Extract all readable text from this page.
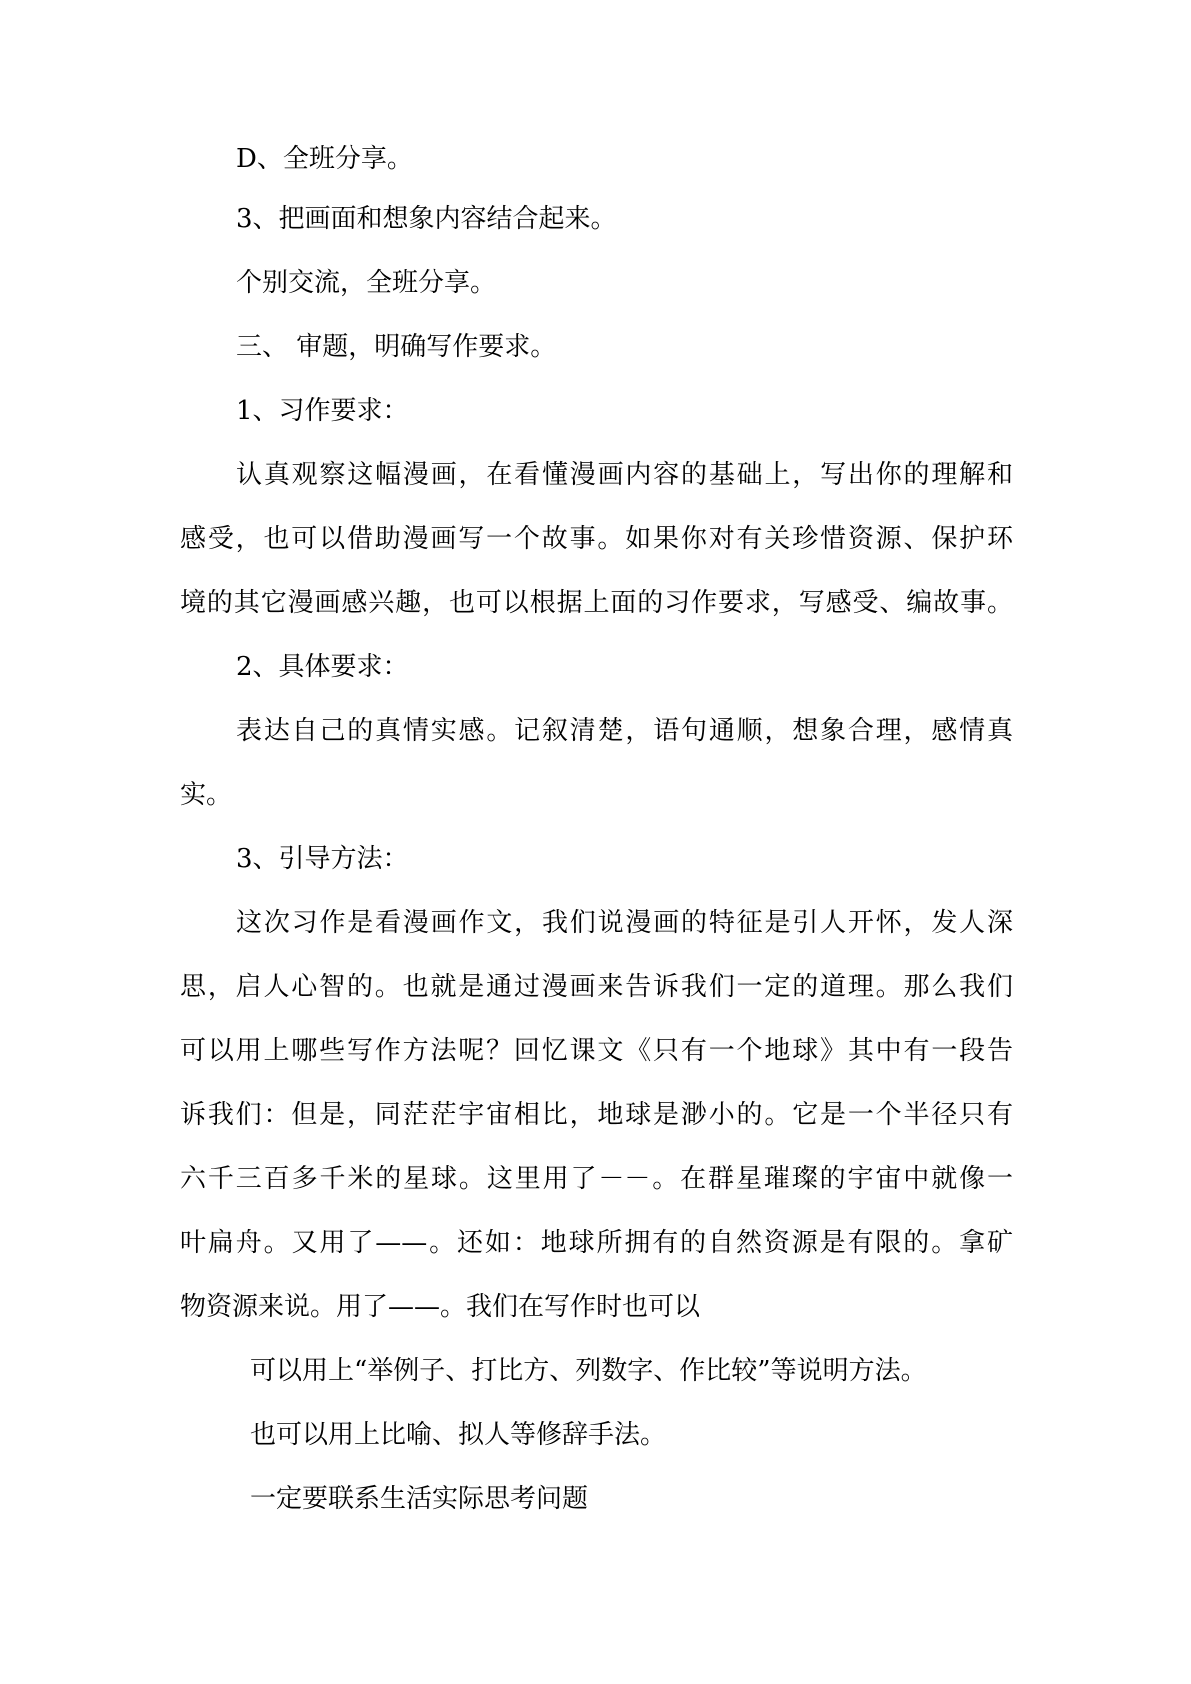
D、全班分享。

3、把画面和想象内容结合起来。

个别交流，全班分享。

三、 审题，明确写作要求。

1、习作要求：

认真观察这幅漫画，在看懂漫画内容的基础上，写出你的理解和

感受，也可以借助漫画写一个故事。如果你对有关珍惜资源、保护环

境的其它漫画感兴趣，也可以根据上面的习作要求，写感受、编故事。

2、具体要求：

表达自己的真情实感。记叙清楚，语句通顺，想象合理，感情真

实。

3、引导方法：

这次习作是看漫画作文，我们说漫画的特征是引人开怀，发人深

思，启人心智的。也就是通过漫画来告诉我们一定的道理。那么我们

可以用上哪些写作方法呢？回忆课文《只有一个地球》其中有一段告

诉我们：但是，同茫茫宇宙相比，地球是渺小的。它是一个半径只有

六千三百多千米的星球。这里用了－－。在群星璀璨的宇宙中就像一

叶扁舟。又用了——。还如：地球所拥有的自然资源是有限的。拿矿

物资源来说。用了——。我们在写作时也可以

可以用上“举例子、打比方、列数字、作比较”等说明方法。

也可以用上比喻、拟人等修辞手法。

一定要联系生活实际思考问题
